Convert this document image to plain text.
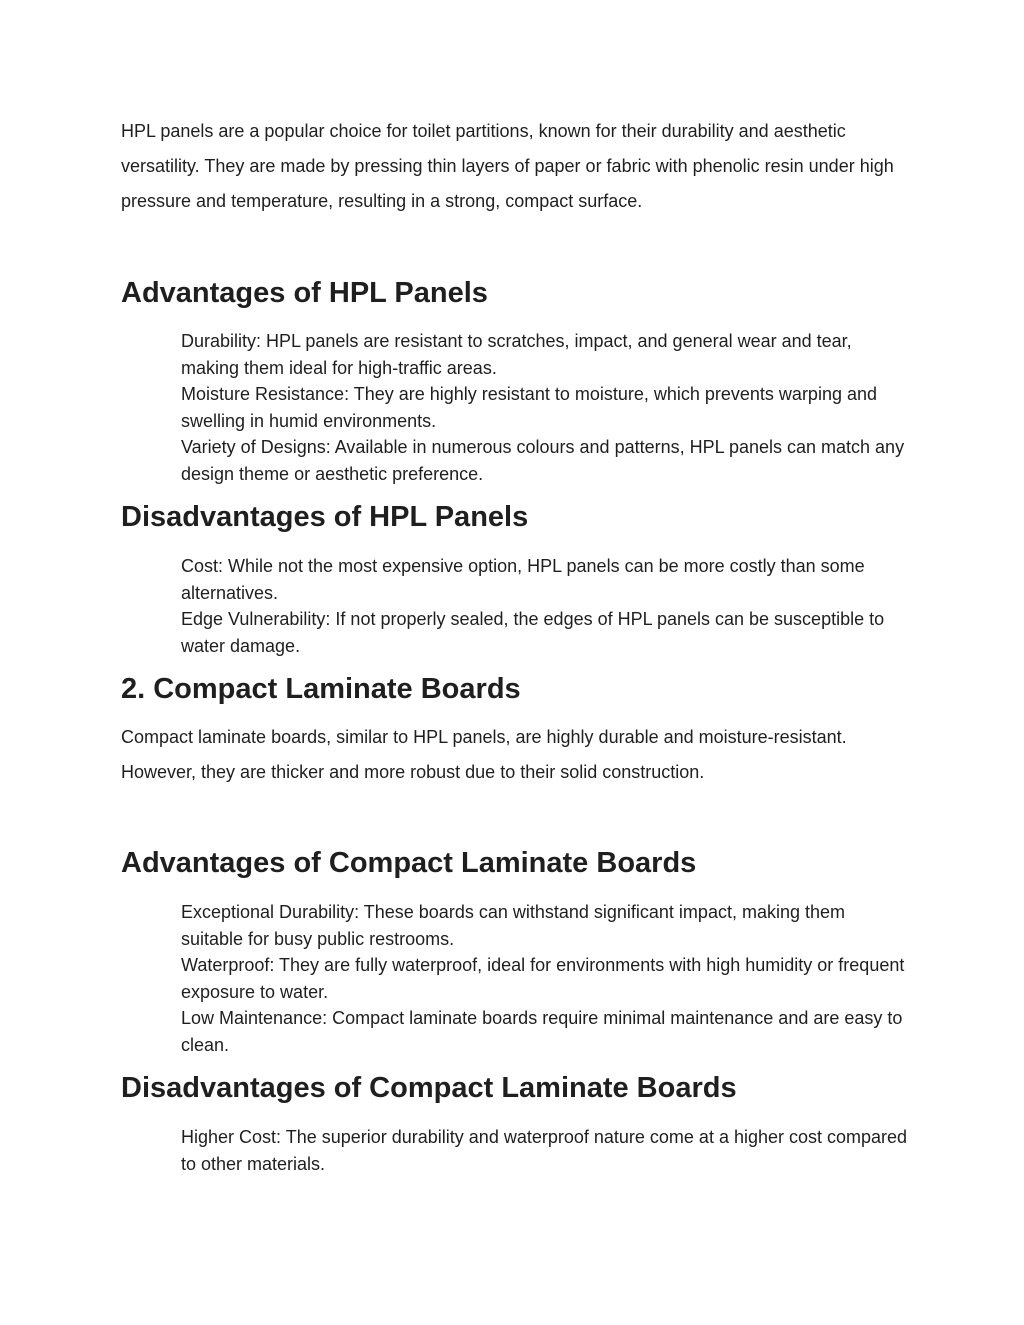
HPL panels are a popular choice for toilet partitions, known for their durability and aesthetic versatility. They are made by pressing thin layers of paper or fabric with phenolic resin under high pressure and temperature, resulting in a strong, compact surface.

Advantages of HPL Panels
Durability: HPL panels are resistant to scratches, impact, and general wear and tear, making them ideal for high-traffic areas.
Moisture Resistance: They are highly resistant to moisture, which prevents warping and swelling in humid environments.
Variety of Designs: Available in numerous colours and patterns, HPL panels can match any design theme or aesthetic preference.
Disadvantages of HPL Panels
Cost: While not the most expensive option, HPL panels can be more costly than some alternatives.
Edge Vulnerability: If not properly sealed, the edges of HPL panels can be susceptible to water damage.
2. Compact Laminate Boards

Compact laminate boards, similar to HPL panels, are highly durable and moisture-resistant. However, they are thicker and more robust due to their solid construction.

Advantages of Compact Laminate Boards
Exceptional Durability: These boards can withstand significant impact, making them suitable for busy public restrooms.
Waterproof: They are fully waterproof, ideal for environments with high humidity or frequent exposure to water.
Low Maintenance: Compact laminate boards require minimal maintenance and are easy to clean.
Disadvantages of Compact Laminate Boards
Higher Cost: The superior durability and waterproof nature come at a higher cost compared to other materials.
